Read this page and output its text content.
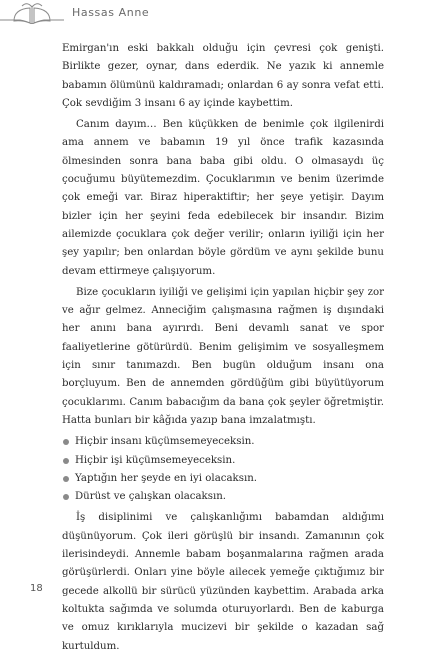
Hassas Anne

Emirgan'ın eski bakkalı olduğu için çevresi çok genişti. Birlikte gezer, oynar, dans ederdik. Ne yazık ki annemle babamın ölümünü kaldıramadı; onlardan 6 ay sonra vefat etti. Çok sevdiğim 3 insanı 6 ay içinde kaybettim.

Canım dayım… Ben küçükken de benimle çok ilgilenirdi ama annem ve babamın 19 yıl önce trafik kazasında ölmesinden sonra bana baba gibi oldu. O olmasaydı üç çocuğumu büyütemezdim. Çocuklarımın ve benim üzerimde çok emeği var. Biraz hiperaktiftir; her şeye yetişir. Dayım bizler için her şeyini feda edebilecek bir insandır. Bizim ailemizde çocuklara çok değer verilir; onların iyiliği için her şey yapılır; ben onlardan böyle gördüm ve aynı şekilde bunu devam ettirmeye çalışıyorum.

Bize çocukların iyiliği ve gelişimi için yapılan hiçbir şey zor ve ağır gelmez. Anneciğim çalışmasına rağmen iş dışındaki her anını bana ayırırdı. Beni devamlı sanat ve spor faaliyetlerine götürürdü. Benim gelişimim ve sosyalleşmem için sınır tanımazdı. Ben bugün olduğum insanı ona borçluyum. Ben de annemden gördüğüm gibi büyütüyorum çocuklarımı. Canım babacığım da bana çok şeyler öğretmiştir. Hatta bunları bir kâğıda yazıp bana imzalatmıştı.

Hiçbir insanı küçümsemeyeceksin.
Hiçbir işi küçümsemeyeceksin.
Yaptığın her şeyde en iyi olacaksın.
Dürüst ve çalışkan olacaksın.

İş disiplinimi ve çalışkanlığımı babamdan aldığımı düşünüyorum. Çok ileri görüşlü bir insandı. Zamanının çok ilerisindeydi. Annemle babam boşanmalarına rağmen arada görüşürlerdi. Onları yine böyle ailecek yemeğe çıktığımız bir gecede alkollü bir sürücü yüzünden kaybettim. Arabada arka koltukta sağımda ve solumda oturuyorlardı. Ben de kaburga ve omuz kırıklarıyla mucizevi bir şekilde o kazadan sağ kurtuldum.

18
